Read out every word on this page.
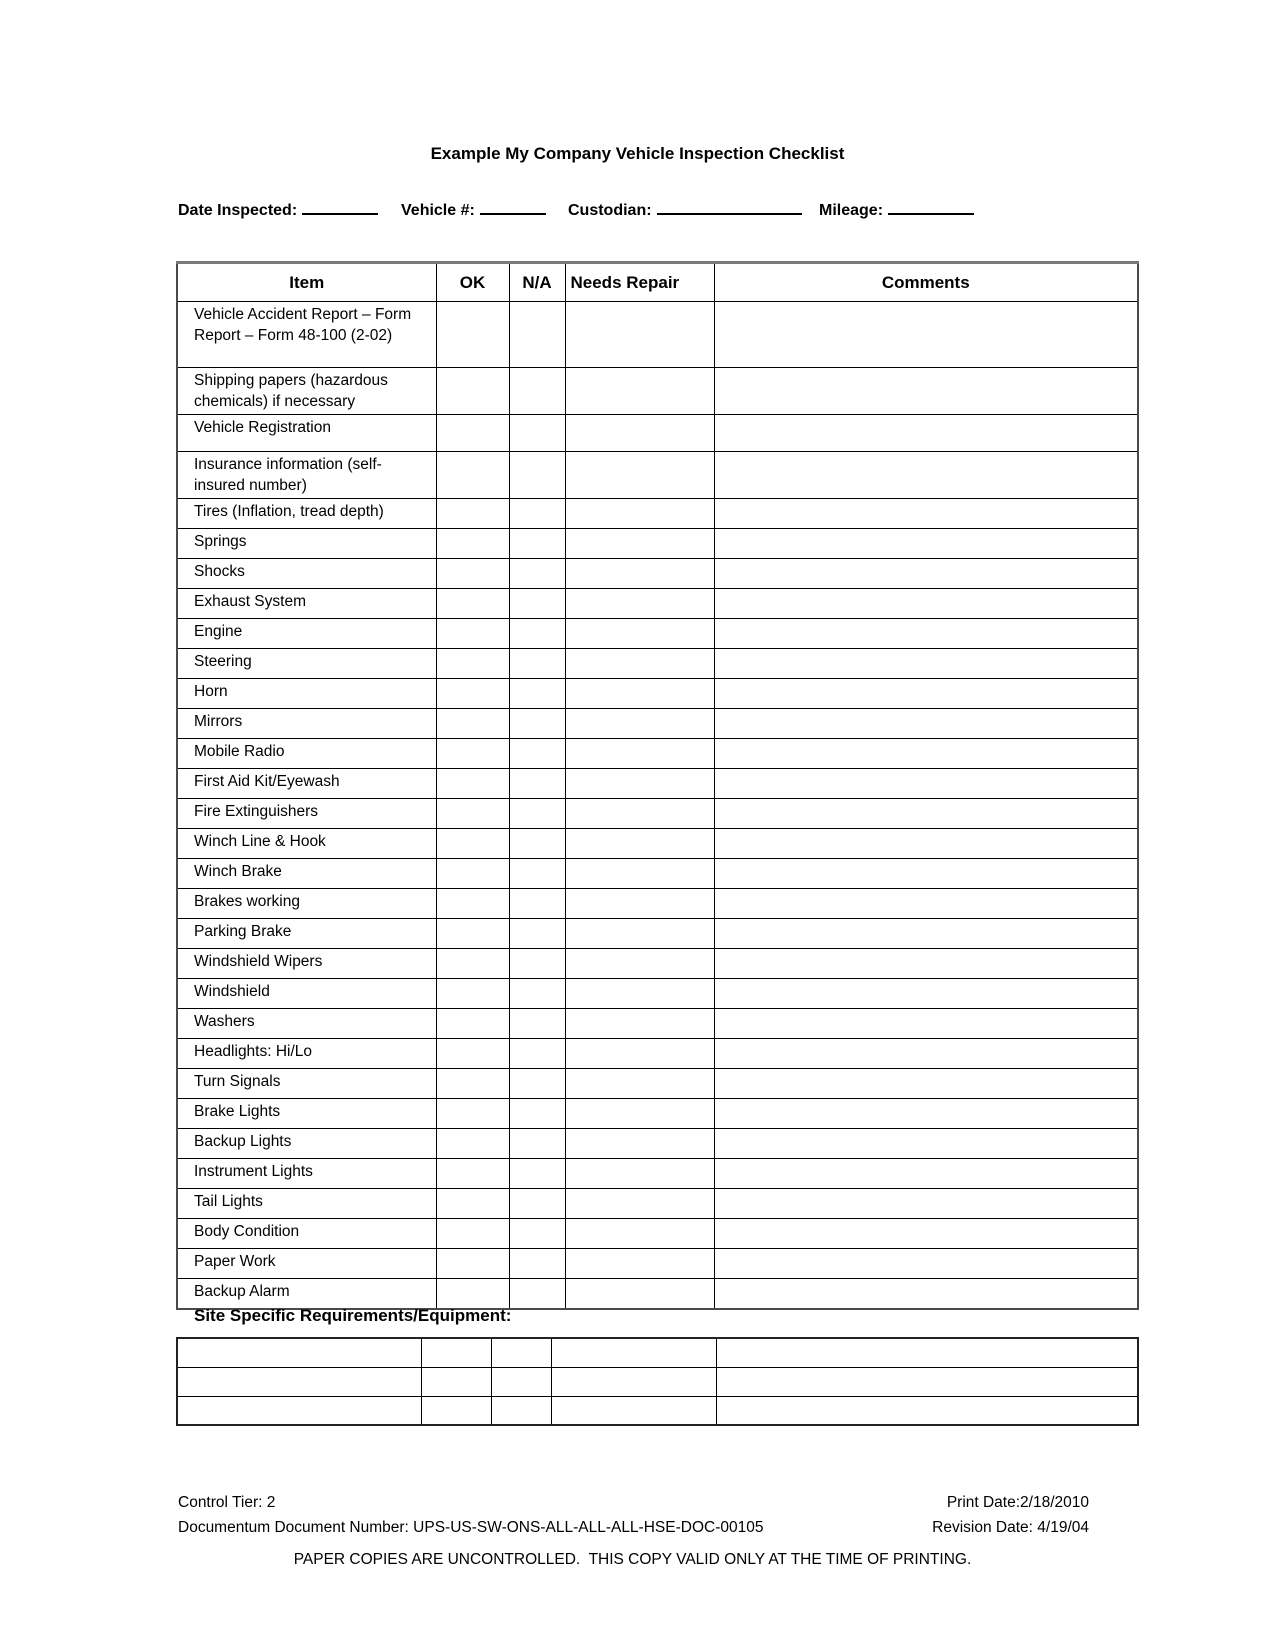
Example My Company Vehicle Inspection Checklist
Date Inspected:	Vehicle #:	Custodian:	Mileage:
Item	OK	N/A	Needs Repair	Comments
Vehicle Accident Report – Form  Report – Form 48-100 (2-02)				
Shipping papers (hazardous chemicals) if necessary				
Vehicle Registration				
Insurance information (self-insured number)				
Tires (Inflation, tread depth)				
Springs				
Shocks				
Exhaust System				
Engine				
Steering				
Horn				
Mirrors				
Mobile Radio				
First Aid Kit/Eyewash				
Fire Extinguishers				
Winch Line & Hook				
Winch Brake				
Brakes working				
Parking Brake				
Windshield Wipers				
Windshield				
Washers				
Headlights: Hi/Lo				
Turn Signals				
Brake Lights				
Backup Lights				
Instrument Lights				
Tail Lights				
Body Condition				
Paper Work				
Backup Alarm				
Site Specific Requirements/Equipment:

Control Tier: 2	Print Date:2/18/2010
Documentum Document Number: UPS-US-SW-ONS-ALL-ALL-ALL-HSE-DOC-00105	Revision Date: 4/19/04
PAPER COPIES ARE UNCONTROLLED.  THIS COPY VALID ONLY AT THE TIME OF PRINTING.
